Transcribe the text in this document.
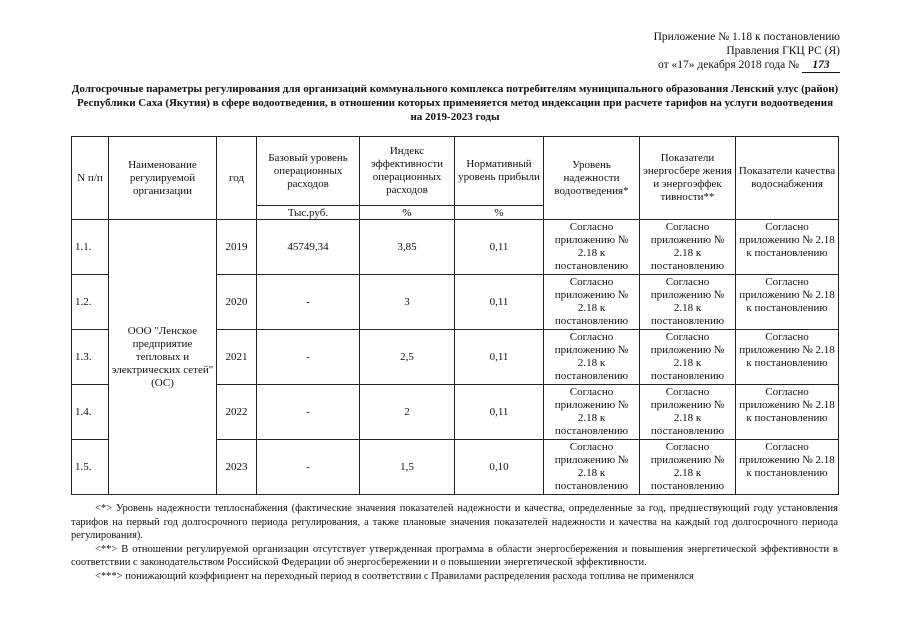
Приложение № 1.18 к постановлению
Правления ГКЦ РС (Я)
от «17» декабря 2018 года № 173
Долгосрочные параметры регулирования для организаций коммунального комплекса потребителям муниципального образования Ленский улус (район) Республики Саха (Якутия) в сфере водоотведения, в отношении которых применяется метод индексации при расчете тарифов на услуги водоотведения на 2019-2023 годы
N п/п	Наименование регулируемой организации	год	Базовый уровень операционных расходов	Индекс эффективности операционных расходов	Нормативный уровень прибыли	Уровень надежности водоотведения*	Показатели энергосбере жения и энергоэффек тивности**	Показатели качества водоснабжения
			Тыс.руб.	%	%			
1.1.	ООО "Ленское предприятие тепловых и электрических сетей" (ОС)	2019	45749,34	3,85	0,11	Согласно приложению № 2.18 к постановлению	Согласно приложению № 2.18 к постановлению	Согласно приложению № 2.18 к постановлению
1.2.		2020	-	3	0,11	Согласно приложению № 2.18 к постановлению	Согласно приложению № 2.18 к постановлению	Согласно приложению № 2.18 к постановлению
1.3.		2021	-	2,5	0,11	Согласно приложению № 2.18 к постановлению	Согласно приложению № 2.18 к постановлению	Согласно приложению № 2.18 к постановлению
1.4.		2022	-	2	0,11	Согласно приложению № 2.18 к постановлению	Согласно приложению № 2.18 к постановлению	Согласно приложению № 2.18 к постановлению
1.5.		2023	-	1,5	0,10	Согласно приложению № 2.18 к постановлению	Согласно приложению № 2.18 к постановлению	Согласно приложению № 2.18 к постановлению

<*> Уровень надежности теплоснабжения (фактические значения показателей надежности и качества, определенные за год, предшествующий году установления тарифов на первый год долгосрочного периода регулирования, а также плановые значения показателей надежности и качества на каждый год долгосрочного периода регулирования).

<**> В отношении регулируемой организации отсутствует утвержденная программа в области энергосбережения и повышения энергетической эффективности в соответствии с законодательством Российской Федерации об энергосбережении и о повышении энергетической эффективности.

<***> понижающий коэффициент на переходный период в соответствии с Правилами распределения расхода топлива не применялся
